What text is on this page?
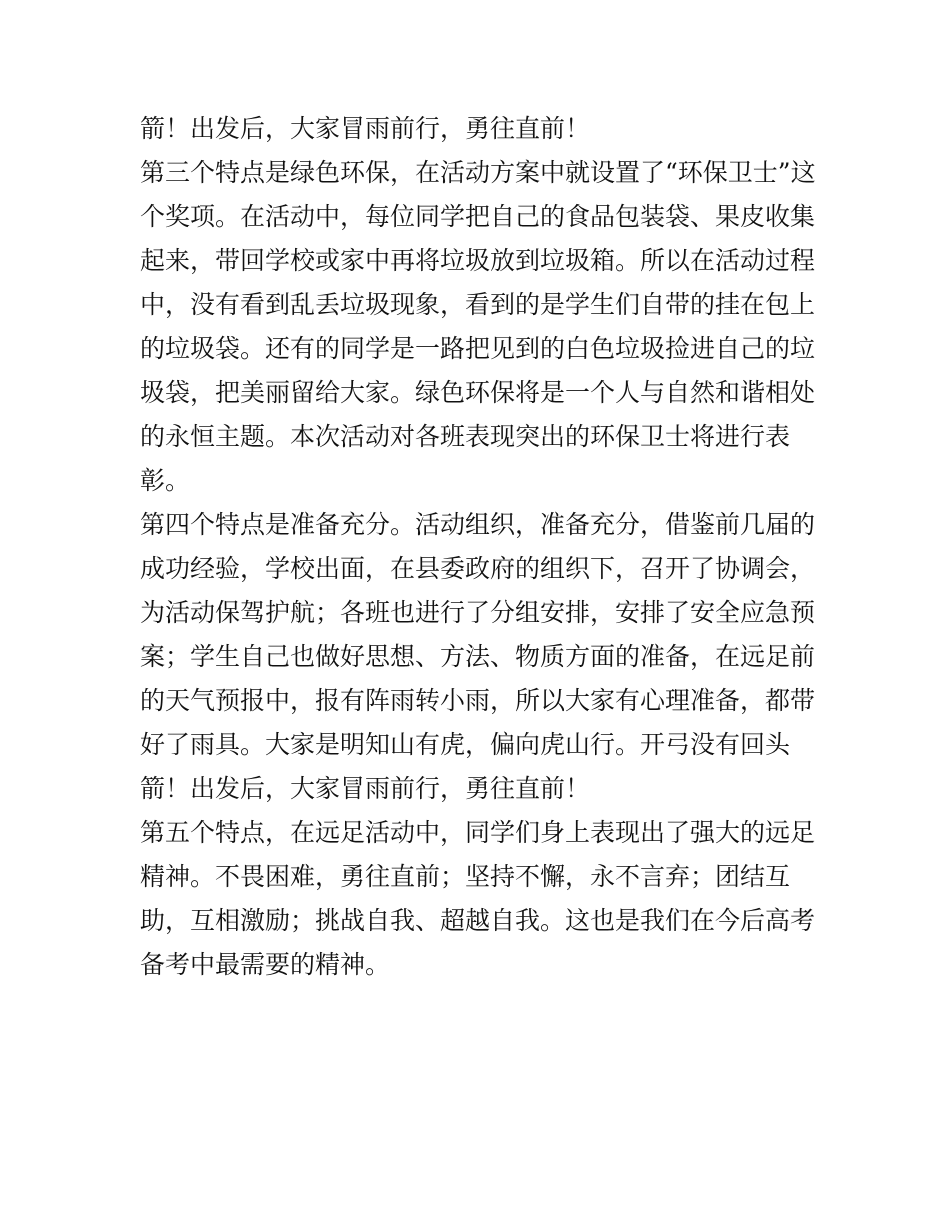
箭！出发后，大家冒雨前行，勇往直前！
第三个特点是绿色环保，在活动方案中就设置了“环保卫士”这
个奖项。在活动中，每位同学把自己的食品包装袋、果皮收集
起来，带回学校或家中再将垃圾放到垃圾箱。所以在活动过程
中，没有看到乱丢垃圾现象，看到的是学生们自带的挂在包上
的垃圾袋。还有的同学是一路把见到的白色垃圾捡进自己的垃
圾袋，把美丽留给大家。绿色环保将是一个人与自然和谐相处
的永恒主题。本次活动对各班表现突出的环保卫士将进行表
彰。
第四个特点是准备充分。活动组织，准备充分，借鉴前几届的
成功经验，学校出面，在县委政府的组织下，召开了协调会，
为活动保驾护航；各班也进行了分组安排，安排了安全应急预
案；学生自己也做好思想、方法、物质方面的准备，在远足前
的天气预报中，报有阵雨转小雨，所以大家有心理准备，都带
好了雨具。大家是明知山有虎，偏向虎山行。开弓没有回头
箭！出发后，大家冒雨前行，勇往直前！
第五个特点，在远足活动中，同学们身上表现出了强大的远足
精神。不畏困难，勇往直前；坚持不懈，永不言弃；团结互
助，互相激励；挑战自我、超越自我。这也是我们在今后高考
备考中最需要的精神。
